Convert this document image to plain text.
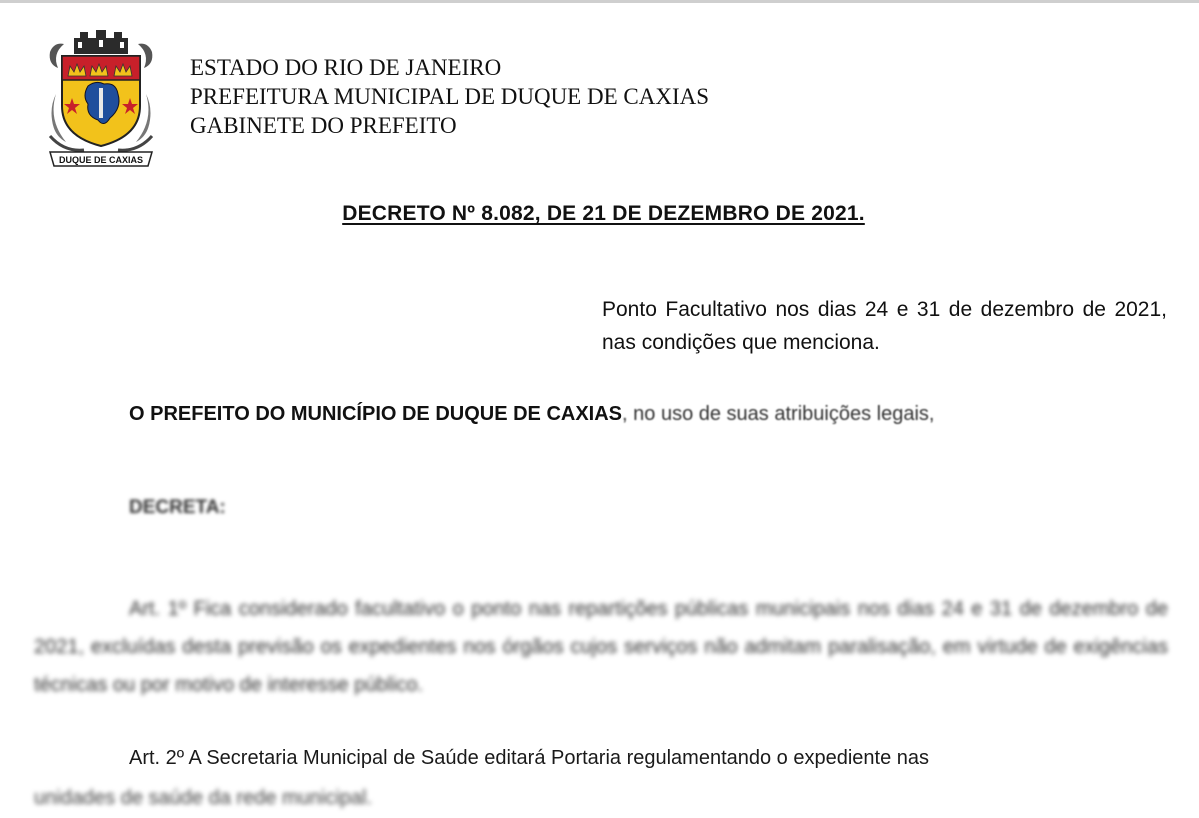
DUQUE DE CAXIAS
ESTADO DO RIO DE JANEIRO
PREFEITURA MUNICIPAL DE DUQUE DE CAXIAS
GABINETE DO PREFEITO
DECRETO Nº 8.082, DE 21 DE DEZEMBRO DE 2021.
Ponto Facultativo nos dias 24 e 31 de dezembro de 2021, nas condições que menciona.
O PREFEITO DO MUNICÍPIO DE DUQUE DE CAXIAS, no uso de suas atribuições legais,
DECRETA:
Art. 1º Fica considerado facultativo o ponto nas repartições públicas municipais nos dias 24 e 31 de dezembro de 2021, excluídas desta previsão os expedientes nos órgãos cujos serviços não admitam paralisação, em virtude de exigências técnicas ou por motivo de interesse público.
Art. 2º A Secretaria Municipal de Saúde editará Portaria regulamentando o expediente nas
unidades de saúde da rede municipal.
